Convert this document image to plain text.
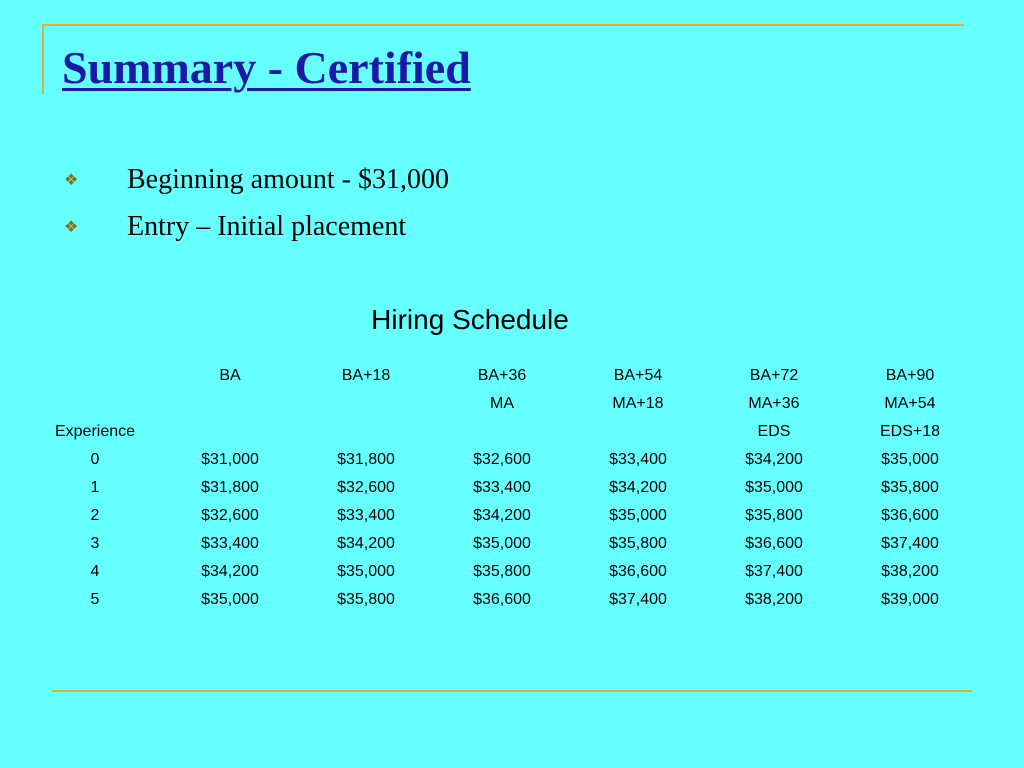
Summary - Certified
❖	Beginning amount - $31,000
❖	Entry – Initial placement
Hiring Schedule
	BA	BA+18	BA+36	BA+54	BA+72	BA+90
			MA	MA+18	MA+36	MA+54
Experience					EDS	EDS+18
0	$31,000	$31,800	$32,600	$33,400	$34,200	$35,000
1	$31,800	$32,600	$33,400	$34,200	$35,000	$35,800
2	$32,600	$33,400	$34,200	$35,000	$35,800	$36,600
3	$33,400	$34,200	$35,000	$35,800	$36,600	$37,400
4	$34,200	$35,000	$35,800	$36,600	$37,400	$38,200
5	$35,000	$35,800	$36,600	$37,400	$38,200	$39,000
